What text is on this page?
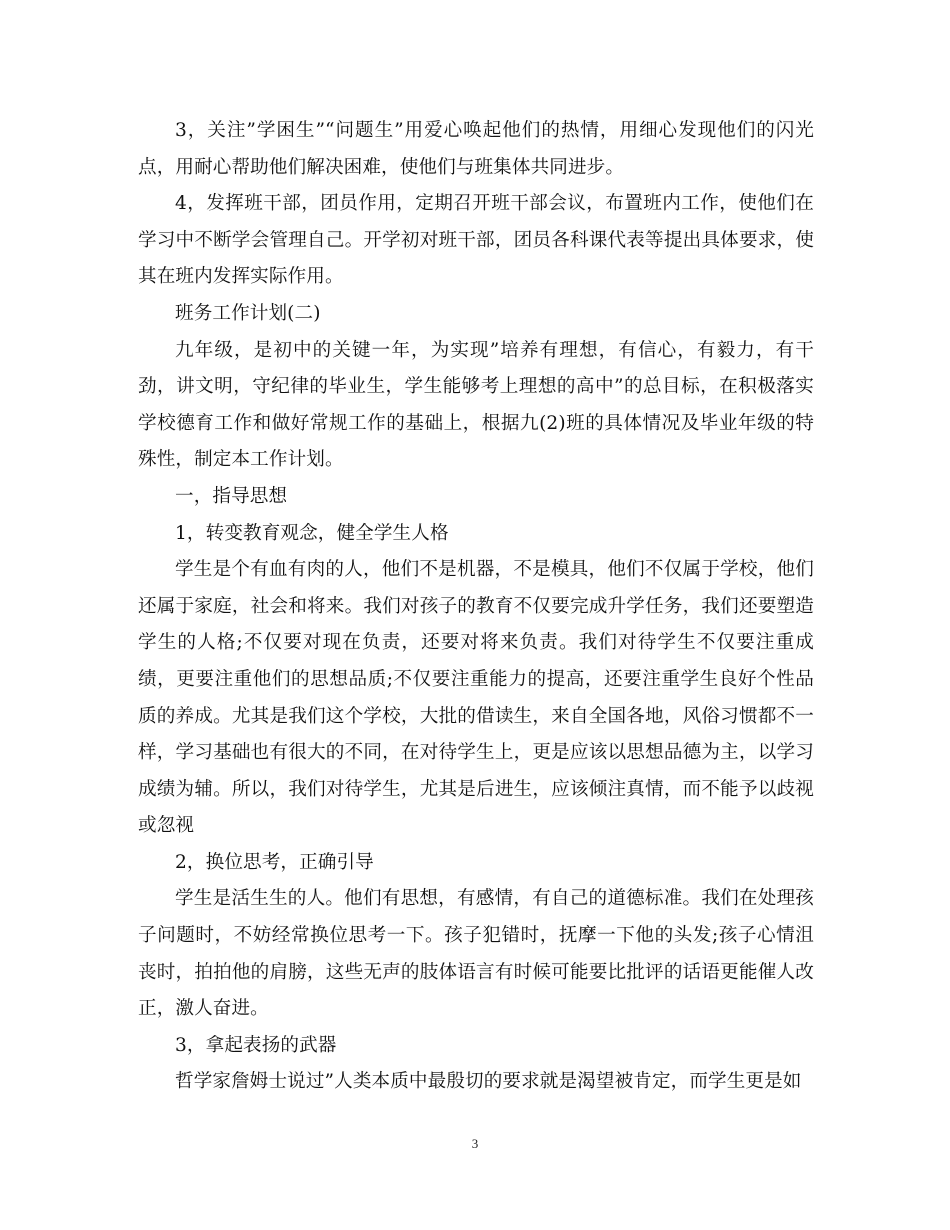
3，关注”学困生”“问题生”用爱心唤起他们的热情，用细心发现他们的闪光点，用耐心帮助他们解决困难，使他们与班集体共同进步。

4，发挥班干部，团员作用，定期召开班干部会议，布置班内工作，使他们在学习中不断学会管理自己。开学初对班干部，团员各科课代表等提出具体要求，使其在班内发挥实际作用。

班务工作计划(二)

九年级，是初中的关键一年，为实现”培养有理想，有信心，有毅力，有干劲，讲文明，守纪律的毕业生，学生能够考上理想的高中”的总目标，在积极落实学校德育工作和做好常规工作的基础上，根据九(2)班的具体情况及毕业年级的特殊性，制定本工作计划。

一，指导思想

1，转变教育观念，健全学生人格

学生是个有血有肉的人，他们不是机器，不是模具，他们不仅属于学校，他们还属于家庭，社会和将来。我们对孩子的教育不仅要完成升学任务，我们还要塑造学生的人格;不仅要对现在负责，还要对将来负责。我们对待学生不仅要注重成绩，更要注重他们的思想品质;不仅要注重能力的提高，还要注重学生良好个性品质的养成。尤其是我们这个学校，大批的借读生，来自全国各地，风俗习惯都不一样，学习基础也有很大的不同，在对待学生上，更是应该以思想品德为主，以学习成绩为辅。所以，我们对待学生，尤其是后进生，应该倾注真情，而不能予以歧视或忽视

2，换位思考，正确引导

学生是活生生的人。他们有思想，有感情，有自己的道德标准。我们在处理孩子问题时，不妨经常换位思考一下。孩子犯错时，抚摩一下他的头发;孩子心情沮丧时，拍拍他的肩膀，这些无声的肢体语言有时候可能要比批评的话语更能催人改正，激人奋进。

3，拿起表扬的武器

哲学家詹姆士说过”人类本质中最殷切的要求就是渴望被肯定，而学生更是如

3
